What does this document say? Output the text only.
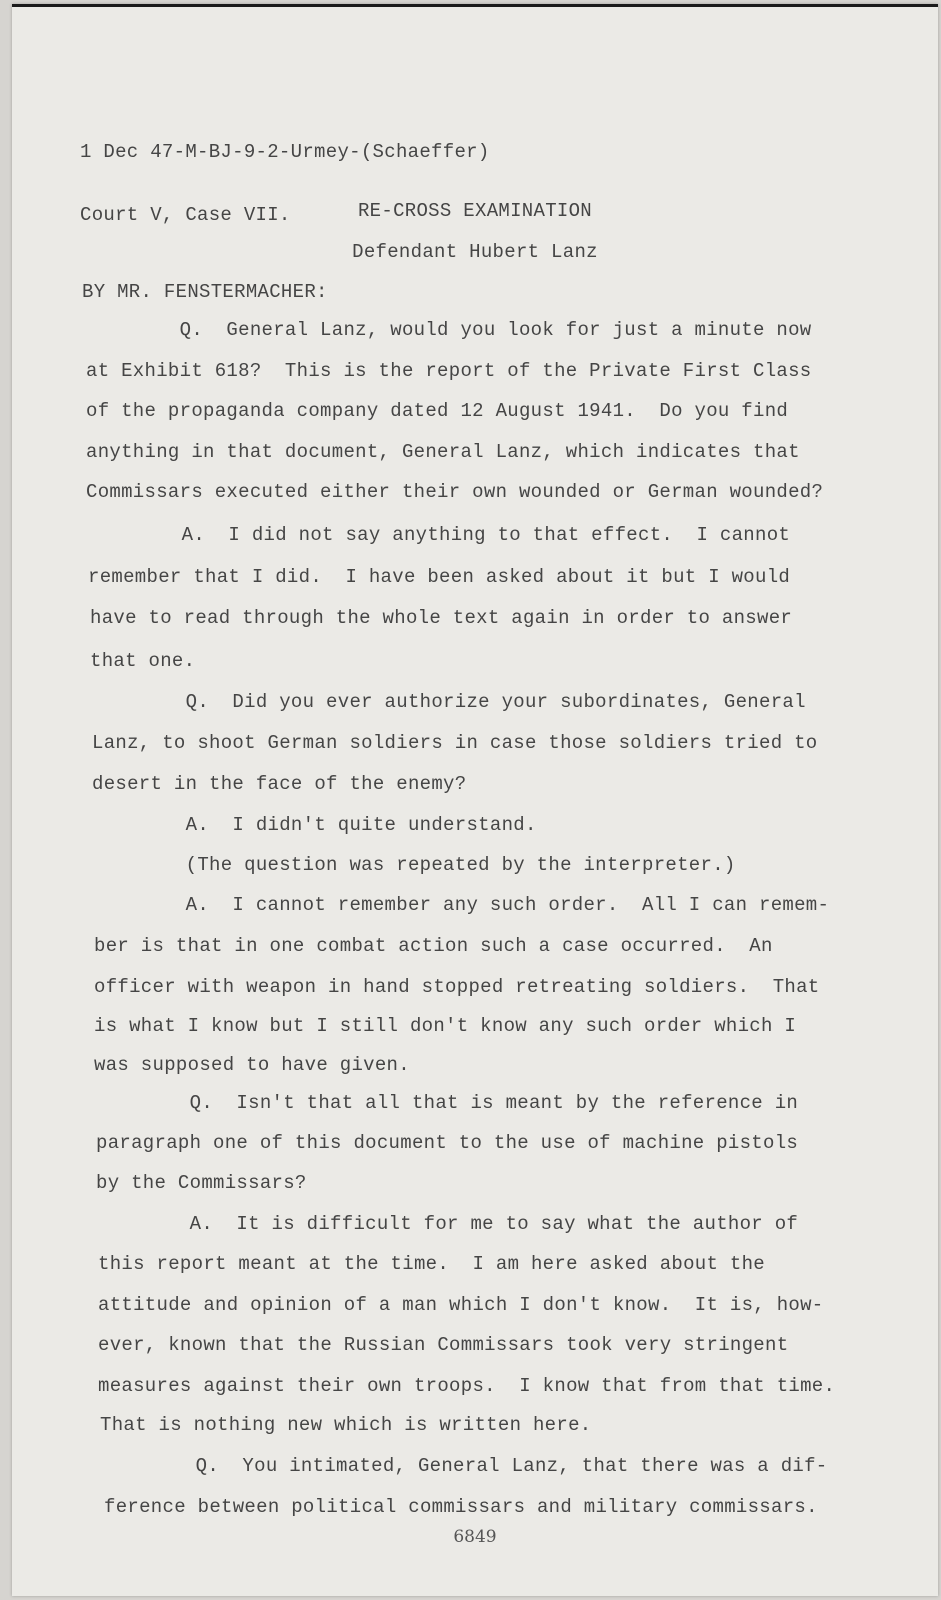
1 Dec 47-M-BJ-9-2-Urmey-(Schaeffer)

Court V, Case VII.

	RE-CROSS EXAMINATION
Defendant Hubert Lanz
BY MR. FENSTERMACHER:
Q.  General Lanz, would you look for just a minute now
at Exhibit 618?  This is the report of the Private First Class
of the propaganda company dated 12 August 1941.  Do you find
anything in that document, General Lanz, which indicates that
Commissars executed either their own wounded or German wounded?
A.  I did not say anything to that effect.  I cannot
remember that I did.  I have been asked about it but I would
have to read through the whole text again in order to answer
that one.
Q.  Did you ever authorize your subordinates, General
Lanz, to shoot German soldiers in case those soldiers tried to
desert in the face of the enemy?
A.  I didn't quite understand.
(The question was repeated by the interpreter.)
A.  I cannot remember any such order.  All I can remem-
ber is that in one combat action such a case occurred.  An
officer with weapon in hand stopped retreating soldiers.  That
is what I know but I still don't know any such order which I
was supposed to have given.
Q.  Isn't that all that is meant by the reference in
paragraph one of this document to the use of machine pistols
by the Commissars?
A.  It is difficult for me to say what the author of
this report meant at the time.  I am here asked about the
attitude and opinion of a man which I don't know.  It is, how-
ever, known that the Russian Commissars took very stringent
measures against their own troops.  I know that from that time.
That is nothing new which is written here.
Q.  You intimated, General Lanz, that there was a dif-
ference between political commissars and military commissars.
6849
